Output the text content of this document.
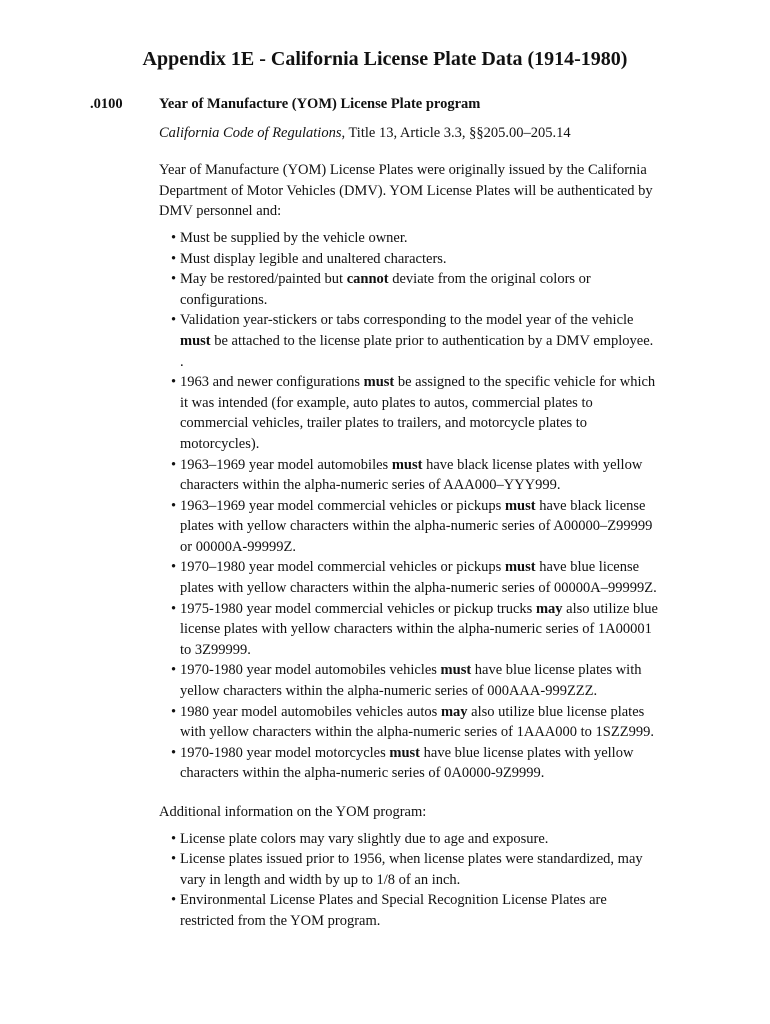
Appendix 1E - California License Plate Data (1914-1980)
.0100	Year of Manufacture (YOM) License Plate program

California Code of Regulations, Title 13, Article 3.3, §§205.00–205.14

Year of Manufacture (YOM) License Plates were originally issued by the California Department of Motor Vehicles (DMV). YOM License Plates will be authenticated by DMV personnel and:

• Must be supplied by the vehicle owner.
• Must display legible and unaltered characters.
• May be restored/painted but cannot deviate from the original colors or configurations.
• Validation year-stickers or tabs corresponding to the model year of the vehicle must be attached to the license plate prior to authentication by a DMV employee. .
• 1963 and newer configurations must be assigned to the specific vehicle for which it was intended (for example, auto plates to autos, commercial plates to commercial vehicles, trailer plates to trailers, and motorcycle plates to motorcycles).
• 1963–1969 year model automobiles must have black license plates with yellow characters within the alpha-numeric series of AAA000–YYY999.
• 1963–1969 year model commercial vehicles or pickups must have black license plates with yellow characters within the alpha-numeric series of A00000–Z99999 or 00000A-99999Z.
• 1970–1980 year model commercial vehicles or pickups must have blue license plates with yellow characters within the alpha-numeric series of 00000A–99999Z.
• 1975-1980 year model commercial vehicles or pickup trucks may also utilize blue license plates with yellow characters within the alpha-numeric series of 1A00001 to 3Z99999.
• 1970-1980 year model automobiles vehicles must have blue license plates with yellow characters within the alpha-numeric series of 000AAA-999ZZZ.
• 1980 year model automobiles vehicles autos may also utilize blue license plates with yellow characters within the alpha-numeric series of 1AAA000 to 1SZZ999.
• 1970-1980 year model motorcycles must have blue license plates with yellow characters within the alpha-numeric series of 0A0000-9Z9999.

Additional information on the YOM program:

• License plate colors may vary slightly due to age and exposure.
• License plates issued prior to 1956, when license plates were standardized, may vary in length and width by up to 1/8 of an inch.
• Environmental License Plates and Special Recognition License Plates are restricted from the YOM program.
